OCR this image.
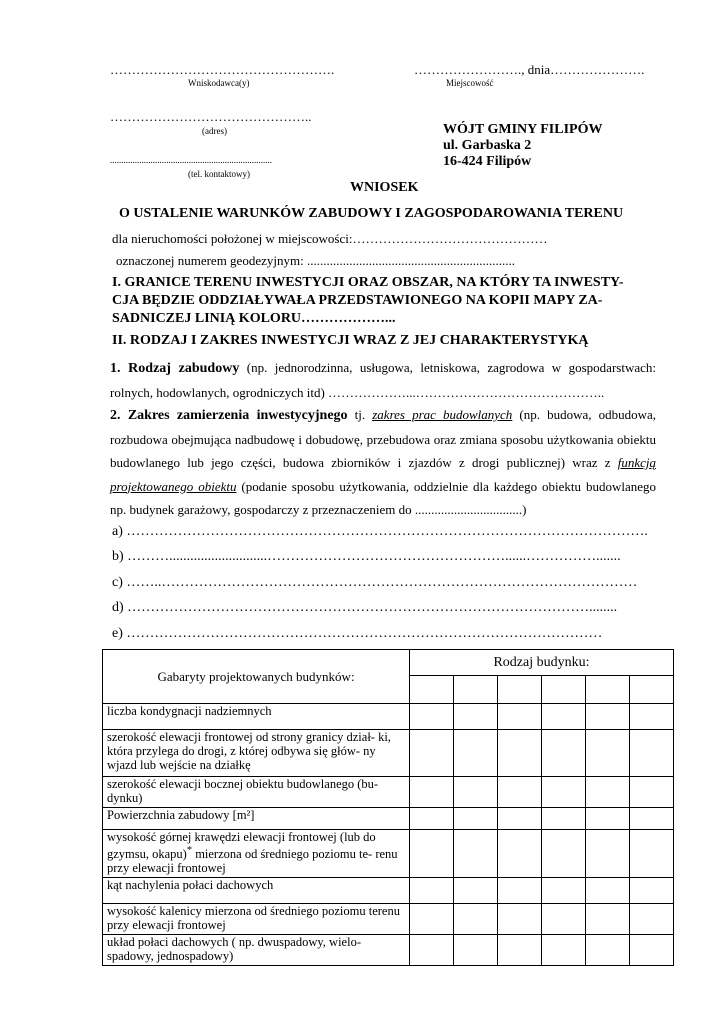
…………………………………………….
Wniskodawca(y)
……………………., dnia………………….
Miejscowość
………………………………………..
(adres)	WÓJT GMINY FILIPÓW
ul. Garbaska 2
16-424 Filipów
........................................................................
(tel. kontaktowy)
WNIOSEK
O USTALENIE WARUNKÓW ZABUDOWY I ZAGOSPODAROWANIA TERENU
dla nieruchomości położonej w miejscowości:………………………………………
oznaczonej numerem geodezyjnym: ................................................................
I. GRANICE TERENU INWESTYCJI ORAZ OBSZAR, NA KTÓRY TA INWESTY-
CJA BĘDZIE ODDZIAŁYWAŁA PRZEDSTAWIONEGO NA KOPII MAPY ZA-
SADNICZEJ LINIĄ KOLORU………………...
II. RODZAJ I ZAKRES INWESTYCJI WRAZ Z JEJ CHARAKTERYSTYKĄ
1. Rodzaj zabudowy (np. jednorodzinna, usługowa, letniskowa, zagrodowa w gospodarstwach: rolnych, hodowlanych, ogrodniczych itd) ………………...……………………………………..
2. Zakres zamierzenia inwestycyjnego tj. zakres prac budowlanych (np. budowa, odbudowa, rozbudowa obejmująca nadbudowę i dobudowę, przebudowa oraz zmiana sposobu użytkowania obiektu budowlanego lub jego części, budowa zbiorników i zjazdów z drogi publicznej) wraz z funkcją projektowanego obiektu (podanie sposobu użytkowania, oddzielnie dla każdego obiektu budowlanego np. budynek garażowy, gospodarczy z przeznaczeniem do .................................)
a) ………………………………………………………………………………………………….
b) ………............................……………………………………………......…………….......
c) ……..…………………………………………………………………………………………
d) ………………………………………………………………………………………........
e) …………………………………………………………………………………………
Gabaryty projektowanych budynków:	Rodzaj budynku:					

liczba kondygnacji nadziemnych						
szerokość elewacji frontowej od strony granicy dział- ki, która przylega do drogi, z której odbywa się głów- ny wjazd lub wejście na działkę						
szerokość elewacji bocznej obiektu budowlanego (bu- dynku)						
Powierzchnia zabudowy [m²]						
wysokość górnej krawędzi elewacji frontowej (lub do gzymsu, okapu)* mierzona od średniego poziomu te- renu przy elewacji frontowej						
kąt nachylenia połaci dachowych						
wysokość kalenicy mierzona od średniego poziomu terenu przy elewacji frontowej						
układ połaci dachowych ( np. dwuspadowy, wielo- spadowy, jednospadowy)						
